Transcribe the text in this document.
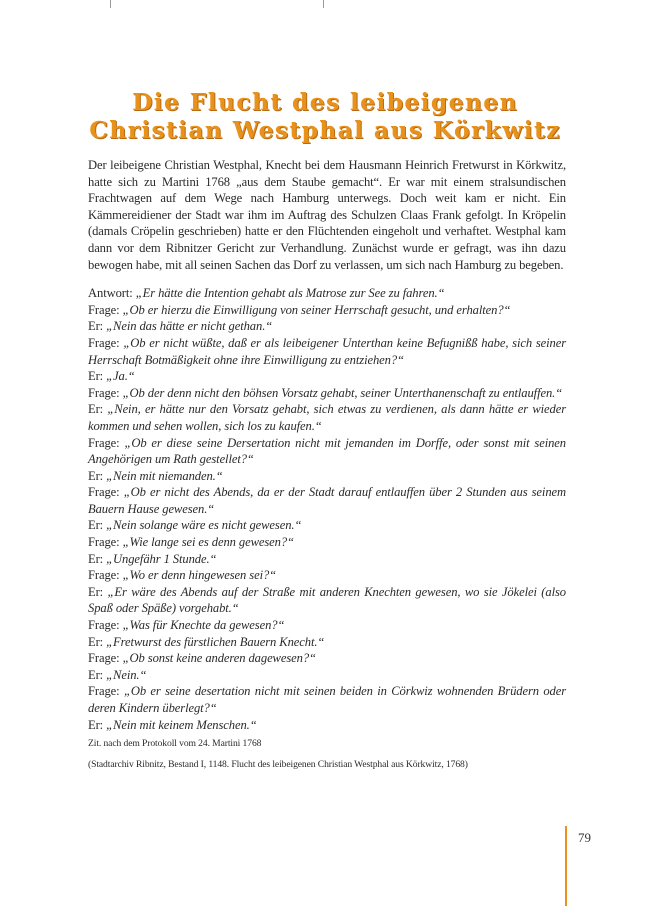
Die Flucht des leibeigenen
Christian Westphal aus Körkwitz

Der leibeigene Christian Westphal, Knecht bei dem Hausmann Heinrich Fretwurst in Körkwitz, hatte sich zu Martini 1768 „aus dem Staube gemacht“. Er war mit einem stralsundischen Frachtwagen auf dem Wege nach Hamburg unterwegs. Doch weit kam er nicht. Ein Kämmereidiener der Stadt war ihm im Auftrag des Schulzen Claas Frank gefolgt. In Kröpelin (damals Cröpelin geschrieben) hatte er den Flüchtenden eingeholt und verhaftet. Westphal kam dann vor dem Ribnitzer Gericht zur Verhandlung. Zunächst wurde er gefragt, was ihn dazu bewogen habe, mit all seinen Sachen das Dorf zu verlassen, um sich nach Hamburg zu begeben.

Antwort: „Er hätte die Intention gehabt als Matrose zur See zu fahren.“
Frage: „Ob er hierzu die Einwilligung von seiner Herrschaft gesucht, und erhalten?“
Er: „Nein das hätte er nicht gethan.“
Frage: „Ob er nicht wüßte, daß er als leibeigener Unterthan keine Befugnißß habe, sich seiner Herrschaft Botmäßigkeit ohne ihre Einwilligung zu entziehen?“
Er: „Ja.“
Frage: „Ob der denn nicht den böhsen Vorsatz gehabt, seiner Unterthanenschaft zu entlauffen.“
Er: „Nein, er hätte nur den Vorsatz gehabt, sich etwas zu verdienen, als dann hätte er wieder kommen und sehen wollen, sich los zu kaufen.“
Frage: „Ob er diese seine Dersertation nicht mit jemanden im Dorffe, oder sonst mit seinen Angehörigen um Rath gestellet?“
Er: „Nein mit niemanden.“
Frage: „Ob er nicht des Abends, da er der Stadt darauf entlauffen über 2 Stunden aus seinem Bauern Hause gewesen.“
Er: „Nein solange wäre es nicht gewesen.“
Frage: „Wie lange sei es denn gewesen?“
Er: „Ungefähr 1 Stunde.“
Frage: „Wo er denn hingewesen sei?“
Er: „Er wäre des Abends auf der Straße mit anderen Knechten gewesen, wo sie Jökelei (also Spaß oder Späße) vorgehabt.“
Frage: „Was für Knechte da gewesen?“
Er: „Fretwurst des fürstlichen Bauern Knecht.“
Frage: „Ob sonst keine anderen dagewesen?“
Er: „Nein.“
Frage: „Ob er seine desertation nicht mit seinen beiden in Cörkwiz wohnenden Brüdern oder deren Kindern überlegt?“
Er: „Nein mit keinem Menschen.“
Zit. nach dem Protokoll vom 24. Martini 1768
(Stadtarchiv Ribnitz, Bestand I, 1148. Flucht des leibeigenen Christian Westphal aus Körkwitz, 1768)
79
